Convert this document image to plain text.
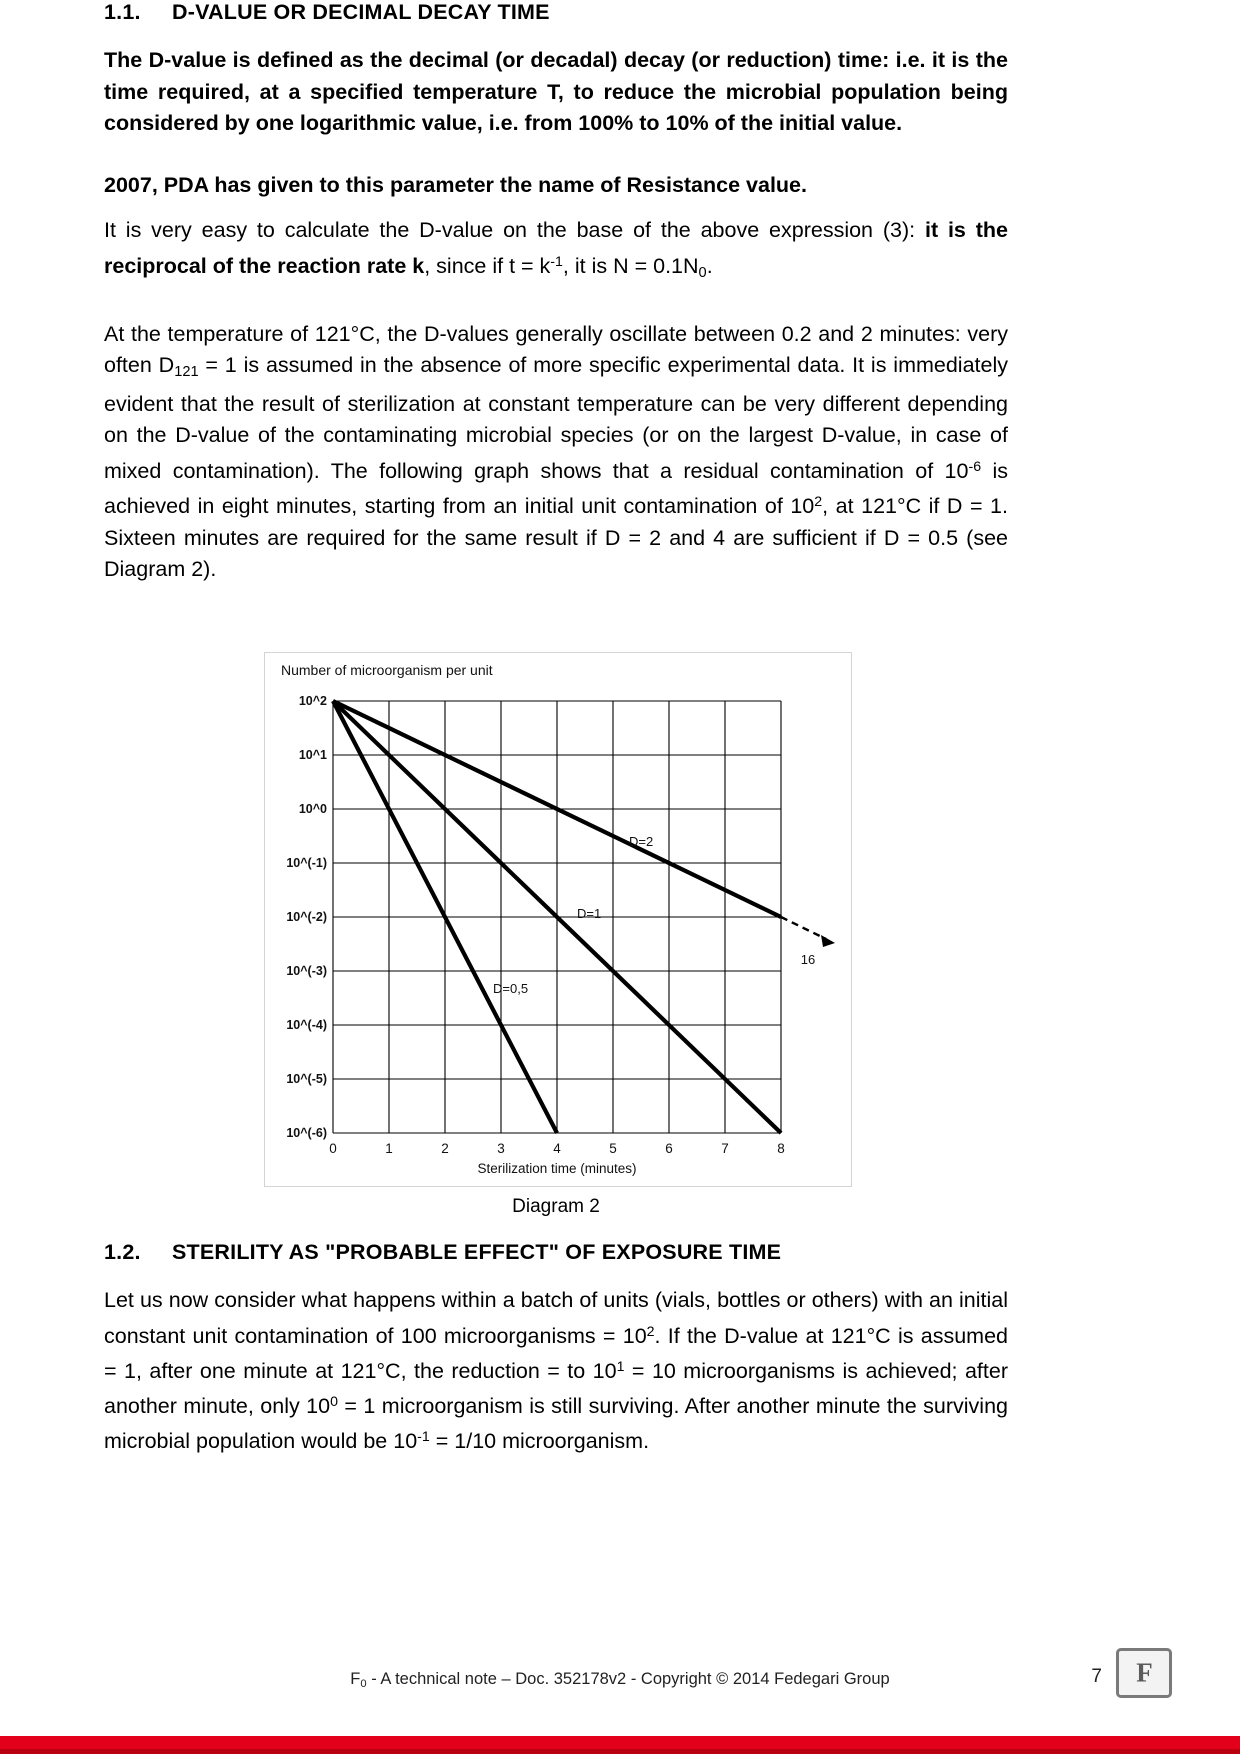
1.1.	D-VALUE OR DECIMAL DECAY TIME

The D-value is defined as the decimal (or decadal) decay (or reduction) time: i.e. it is the time required, at a specified temperature T, to reduce the microbial population being considered by one logarithmic value, i.e. from 100% to 10% of the initial value.

2007, PDA has given to this parameter the name of Resistance value.

It is very easy to calculate the D-value on the base of the above expression (3): it is the reciprocal of the reaction rate k, since if $t = k^{-1}$, it is $N = 0.1N_0$.

At the temperature of 121°C, the D-values generally oscillate between 0.2 and 2 minutes: very often $D_{121} = 1$ is assumed in the absence of more specific experimental data. It is immediately evident that the result of sterilization at constant temperature can be very different depending on the D-value of the contaminating microbial species (or on the largest D-value, in case of mixed contamination). The following graph shows that a residual contamination of $10^{-6}$ is achieved in eight minutes, starting from an initial unit contamination of $10^2$, at 121°C if D = 1. Sixteen minutes are required for the same result if D = 2 and 4 are sufficient if D = 0.5 (see Diagram 2).

Number of microorganism per unit
10^2
10^1
10^0
10^(-1)
10^(-2)
10^(-3)
10^(-4)
10^(-5)
10^(-6)
0	1	2	3	4	5	6	7	8
Sterilization time (minutes)
D=2
D=1
D=0,5
16
Diagram 2
1.2.	STERILITY AS "PROBABLE EFFECT" OF EXPOSURE TIME

Let us now consider what happens within a batch of units (vials, bottles or others) with an initial constant unit contamination of 100 microorganisms = $10^2$. If the D-value at 121°C is assumed = 1, after one minute at 121°C, the reduction = to $10^1 = 10$ microorganisms is achieved; after another minute, only $10^0 = 1$ microorganism is still surviving. After another minute the surviving microbial population would be $10^{-1} = 1/10$ microorganism.

$F_0$ - A technical note – Doc. 352178v2 - Copyright © 2014 Fedegari Group	7 F
